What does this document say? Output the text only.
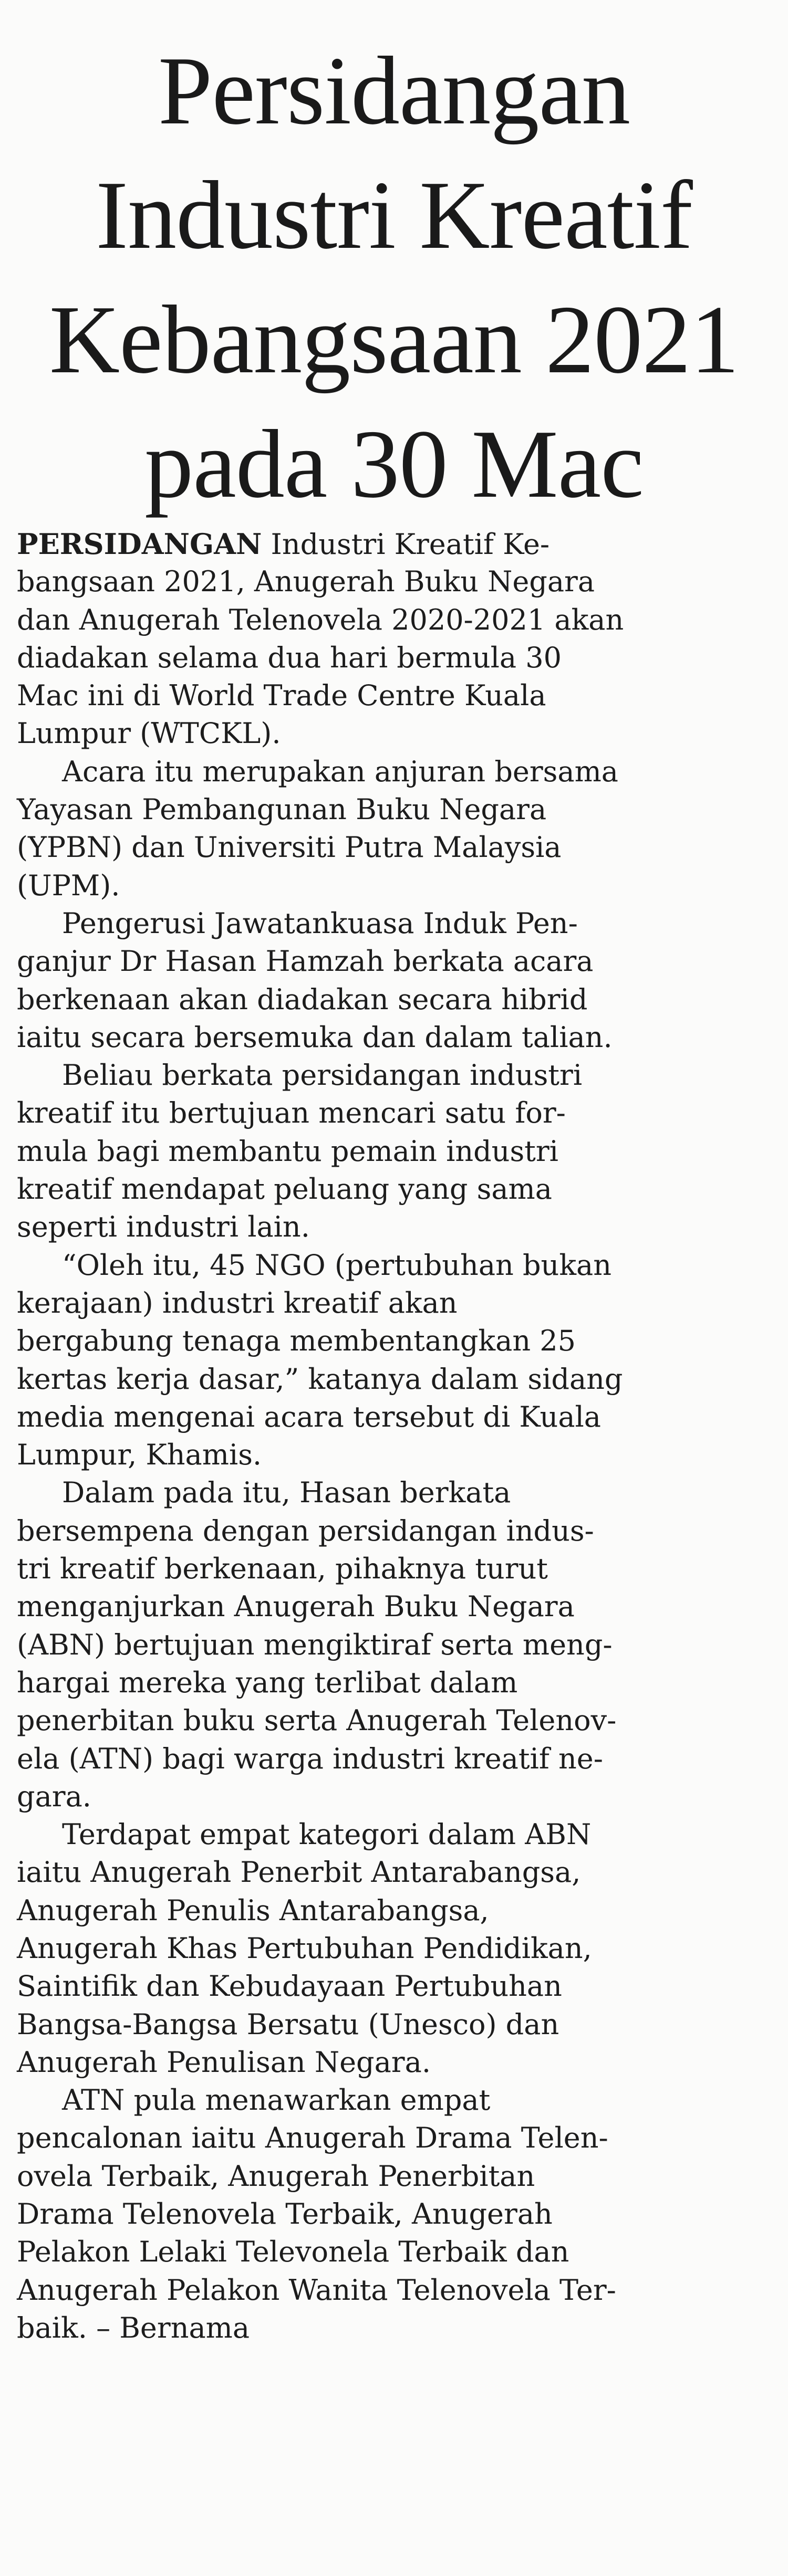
Persidangan
Industri Kreatif
Kebangsaan 2021
pada 30 Mac

PERSIDANGAN Industri Kreatif Ke-
bangsaan 2021, Anugerah Buku Negara
dan Anugerah Telenovela 2020-2021 akan
diadakan selama dua hari bermula 30
Mac ini di World Trade Centre Kuala
Lumpur (WTCKL).

Acara itu merupakan anjuran bersama
Yayasan Pembangunan Buku Negara
(YPBN) dan Universiti Putra Malaysia
(UPM).

Pengerusi Jawatankuasa Induk Pen-
ganjur Dr Hasan Hamzah berkata acara
berkenaan akan diadakan secara hibrid
iaitu secara bersemuka dan dalam talian.

Beliau berkata persidangan industri
kreatif itu bertujuan mencari satu for-
mula bagi membantu pemain industri
kreatif mendapat peluang yang sama
seperti industri lain.

“Oleh itu, 45 NGO (pertubuhan bukan
kerajaan) industri kreatif akan
bergabung tenaga membentangkan 25
kertas kerja dasar,” katanya dalam sidang
media mengenai acara tersebut di Kuala
Lumpur, Khamis.

Dalam pada itu, Hasan berkata
bersempena dengan persidangan indus-
tri kreatif berkenaan, pihaknya turut
menganjurkan Anugerah Buku Negara
(ABN) bertujuan mengiktiraf serta meng-
hargai mereka yang terlibat dalam
penerbitan buku serta Anugerah Telenov-
ela (ATN) bagi warga industri kreatif ne-
gara.

Terdapat empat kategori dalam ABN
iaitu Anugerah Penerbit Antarabangsa,
Anugerah Penulis Antarabangsa,
Anugerah Khas Pertubuhan Pendidikan,
Saintifik dan Kebudayaan Pertubuhan
Bangsa-Bangsa Bersatu (Unesco) dan
Anugerah Penulisan Negara.

ATN pula menawarkan empat
pencalonan iaitu Anugerah Drama Telen-
ovela Terbaik, Anugerah Penerbitan
Drama Telenovela Terbaik, Anugerah
Pelakon Lelaki Televonela Terbaik dan
Anugerah Pelakon Wanita Telenovela Ter-
baik. – Bernama
